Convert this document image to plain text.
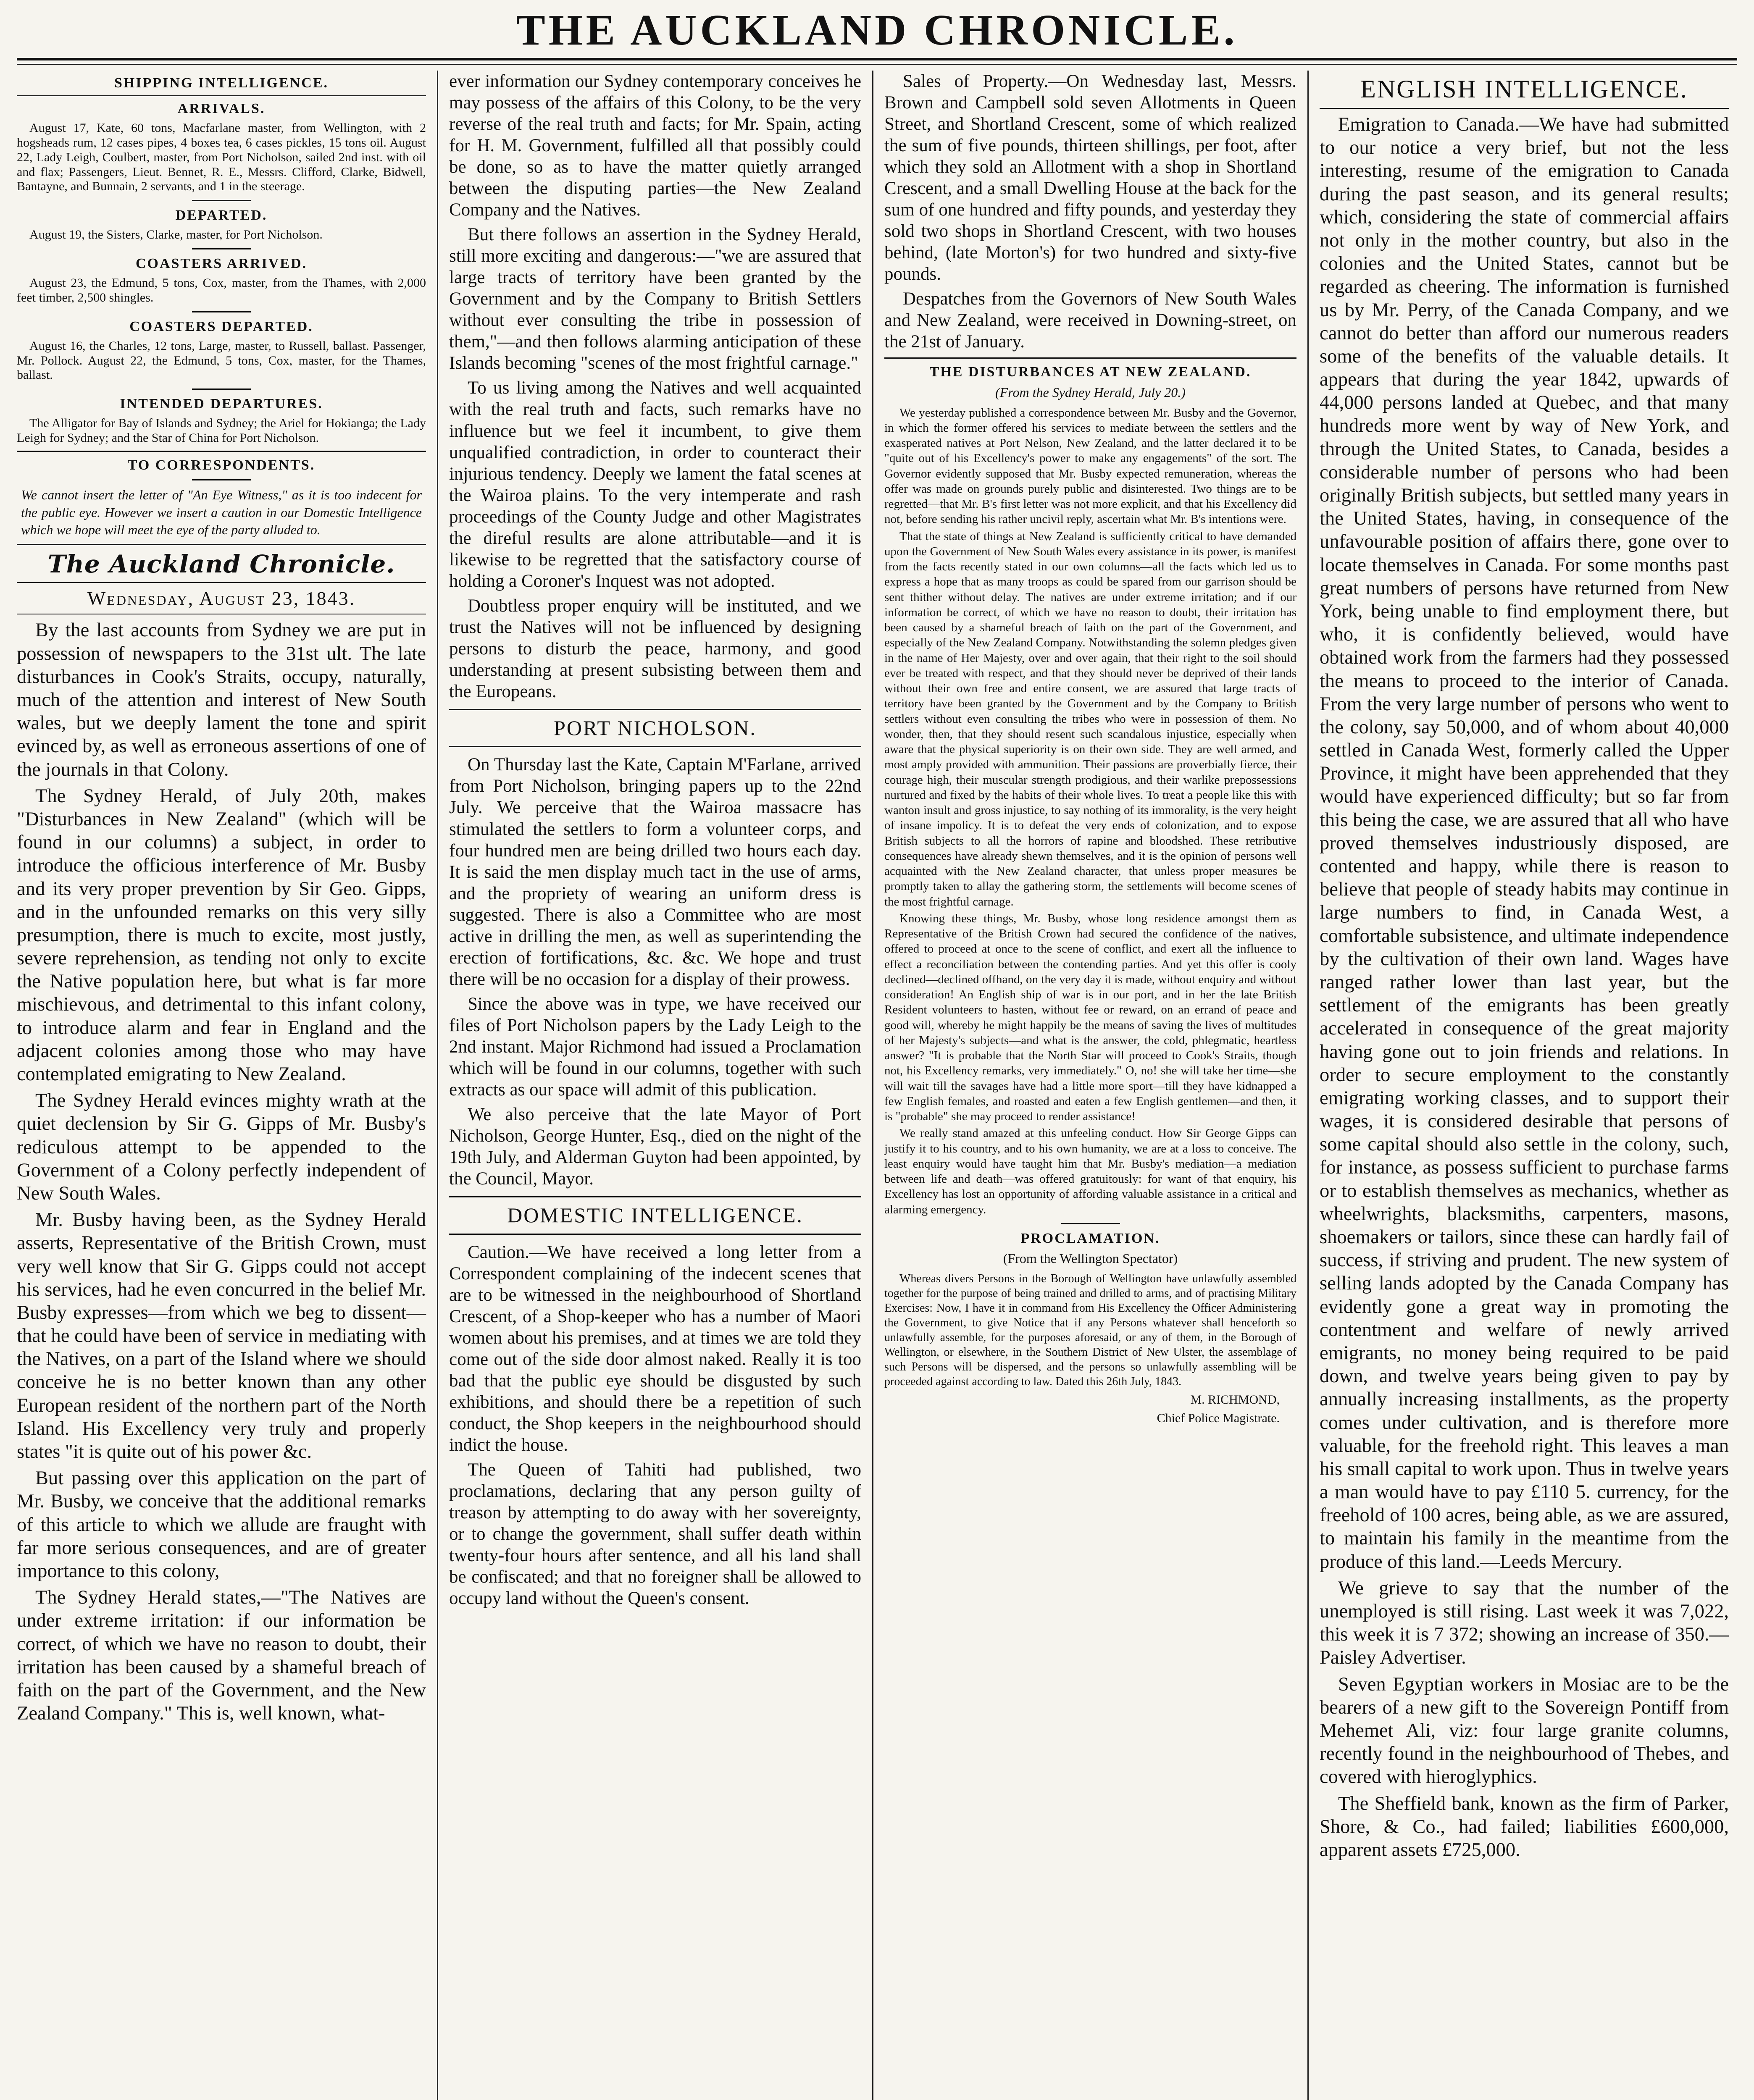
THE AUCKLAND CHRONICLE.
SHIPPING INTELLIGENCE.
ARRIVALS.

August 17, Kate, 60 tons, Macfarlane master, from Wellington, with 2 hogsheads rum, 12 cases pipes, 4 boxes tea, 6 cases pickles, 15 tons oil. August 22, Lady Leigh, Coulbert, master, from Port Nicholson, sailed 2nd inst. with oil and flax; Passengers, Lieut. Bennet, R. E., Messrs. Clifford, Clarke, Bidwell, Bantayne, and Bunnain, 2 servants, and 1 in the steerage.

DEPARTED.

August 19, the Sisters, Clarke, master, for Port Nicholson.

COASTERS ARRIVED.

August 23, the Edmund, 5 tons, Cox, master, from the Thames, with 2,000 feet timber, 2,500 shingles.

COASTERS DEPARTED.

August 16, the Charles, 12 tons, Large, master, to Russell, ballast. Passenger, Mr. Pollock. August 22, the Edmund, 5 tons, Cox, master, for the Thames, ballast.

INTENDED DEPARTURES.

The Alligator for Bay of Islands and Sydney; the Ariel for Hokianga; the Lady Leigh for Sydney; and the Star of China for Port Nicholson.

TO CORRESPONDENTS.

We cannot insert the letter of "An Eye Witness," as it is too indecent for the public eye. However we insert a caution in our Domestic Intelligence which we hope will meet the eye of the party alluded to.

The Auckland Chronicle.
Wednesday, August 23, 1843.

By the last accounts from Sydney we are put in possession of newspapers to the 31st ult. The late disturbances in Cook's Straits, occupy, naturally, much of the attention and interest of New South wales, but we deeply lament the tone and spirit evinced by, as well as erroneous assertions of one of the journals in that Colony.

The Sydney Herald, of July 20th, makes "Disturbances in New Zealand" (which will be found in our columns) a subject, in order to introduce the officious interference of Mr. Busby and its very proper prevention by Sir Geo. Gipps, and in the unfounded remarks on this very silly presumption, there is much to excite, most justly, severe reprehension, as tending not only to excite the Native population here, but what is far more mischievous, and detrimental to this infant colony, to introduce alarm and fear in England and the adjacent colonies among those who may have contemplated emigrating to New Zealand.

The Sydney Herald evinces mighty wrath at the quiet declension by Sir G. Gipps of Mr. Busby's rediculous attempt to be appended to the Government of a Colony perfectly independent of New South Wales.

Mr. Busby having been, as the Sydney Herald asserts, Representative of the British Crown, must very well know that Sir G. Gipps could not accept his services, had he even concurred in the belief Mr. Busby expresses—from which we beg to dissent—that he could have been of service in mediating with the Natives, on a part of the Island where we should conceive he is no better known than any other European resident of the northern part of the North Island. His Excellency very truly and properly states "it is quite out of his power &c.

But passing over this application on the part of Mr. Busby, we conceive that the additional remarks of this article to which we allude are fraught with far more serious consequences, and are of greater importance to this colony,

The Sydney Herald states,—"The Natives are under extreme irritation: if our information be correct, of which we have no reason to doubt, their irritation has been caused by a shameful breach of faith on the part of the Government, and the New Zealand Company." This is, well known, what-

ever information our Sydney contemporary conceives he may possess of the affairs of this Colony, to be the very reverse of the real truth and facts; for Mr. Spain, acting for H. M. Government, fulfilled all that possibly could be done, so as to have the matter quietly arranged between the disputing parties—the New Zealand Company and the Natives.

But there follows an assertion in the Sydney Herald, still more exciting and dangerous:—"we are assured that large tracts of territory have been granted by the Government and by the Company to British Settlers without ever consulting the tribe in possession of them,"—and then follows alarming anticipation of these Islands becoming "scenes of the most frightful carnage."

To us living among the Natives and well acquainted with the real truth and facts, such remarks have no influence but we feel it incumbent, to give them unqualified contradiction, in order to counteract their injurious tendency. Deeply we lament the fatal scenes at the Wairoa plains. To the very intemperate and rash proceedings of the County Judge and other Magistrates the direful results are alone attributable—and it is likewise to be regretted that the satisfactory course of holding a Coroner's Inquest was not adopted.

Doubtless proper enquiry will be instituted, and we trust the Natives will not be influenced by designing persons to disturb the peace, harmony, and good understanding at present subsisting between them and the Europeans.

PORT NICHOLSON.

On Thursday last the Kate, Captain M'Farlane, arrived from Port Nicholson, bringing papers up to the 22nd July. We perceive that the Wairoa massacre has stimulated the settlers to form a volunteer corps, and four hundred men are being drilled two hours each day. It is said the men display much tact in the use of arms, and the propriety of wearing an uniform dress is suggested. There is also a Committee who are most active in drilling the men, as well as superintending the erection of fortifications, &c. &c. We hope and trust there will be no occasion for a display of their prowess.

Since the above was in type, we have received our files of Port Nicholson papers by the Lady Leigh to the 2nd instant. Major Richmond had issued a Proclamation which will be found in our columns, together with such extracts as our space will admit of this publication.

We also perceive that the late Mayor of Port Nicholson, George Hunter, Esq., died on the night of the 19th July, and Alderman Guyton had been appointed, by the Council, Mayor.

DOMESTIC INTELLIGENCE.

Caution.—We have received a long letter from a Correspondent complaining of the indecent scenes that are to be witnessed in the neighbourhood of Shortland Crescent, of a Shop-keeper who has a number of Maori women about his premises, and at times we are told they come out of the side door almost naked. Really it is too bad that the public eye should be disgusted by such exhibitions, and should there be a repetition of such conduct, the Shop keepers in the neighbourhood should indict the house.

The Queen of Tahiti had published, two proclamations, declaring that any person guilty of treason by attempting to do away with her sovereignty, or to change the government, shall suffer death within twenty-four hours after sentence, and all his land shall be confiscated; and that no foreigner shall be allowed to occupy land without the Queen's consent.

Sales of Property.—On Wednesday last, Messrs. Brown and Campbell sold seven Allotments in Queen Street, and Shortland Crescent, some of which realized the sum of five pounds, thirteen shillings, per foot, after which they sold an Allotment with a shop in Shortland Crescent, and a small Dwelling House at the back for the sum of one hundred and fifty pounds, and yesterday they sold two shops in Shortland Crescent, with two houses behind, (late Morton's) for two hundred and sixty-five pounds.

Despatches from the Governors of New South Wales and New Zealand, were received in Downing-street, on the 21st of January.

THE DISTURBANCES AT NEW ZEALAND.
(From the Sydney Herald, July 20.)

We yesterday published a correspondence between Mr. Busby and the Governor, in which the former offered his services to mediate between the settlers and the exasperated natives at Port Nelson, New Zealand, and the latter declared it to be "quite out of his Excellency's power to make any engagements" of the sort. The Governor evidently supposed that Mr. Busby expected remuneration, whereas the offer was made on grounds purely public and disinterested. Two things are to be regretted—that Mr. B's first letter was not more explicit, and that his Excellency did not, before sending his rather uncivil reply, ascertain what Mr. B's intentions were.

That the state of things at New Zealand is sufficiently critical to have demanded upon the Government of New South Wales every assistance in its power, is manifest from the facts recently stated in our own columns—all the facts which led us to express a hope that as many troops as could be spared from our garrison should be sent thither without delay. The natives are under extreme irritation; and if our information be correct, of which we have no reason to doubt, their irritation has been caused by a shameful breach of faith on the part of the Government, and especially of the New Zealand Company. Notwithstanding the solemn pledges given in the name of Her Majesty, over and over again, that their right to the soil should ever be treated with respect, and that they should never be deprived of their lands without their own free and entire consent, we are assured that large tracts of territory have been granted by the Government and by the Company to British settlers without even consulting the tribes who were in possession of them. No wonder, then, that they should resent such scandalous injustice, especially when aware that the physical superiority is on their own side. They are well armed, and most amply provided with ammunition. Their passions are proverbially fierce, their courage high, their muscular strength prodigious, and their warlike prepossessions nurtured and fixed by the habits of their whole lives. To treat a people like this with wanton insult and gross injustice, to say nothing of its immorality, is the very height of insane impolicy. It is to defeat the very ends of colonization, and to expose British subjects to all the horrors of rapine and bloodshed. These retributive consequences have already shewn themselves, and it is the opinion of persons well acquainted with the New Zealand character, that unless proper measures be promptly taken to allay the gathering storm, the settlements will become scenes of the most frightful carnage.

Knowing these things, Mr. Busby, whose long residence amongst them as Representative of the British Crown had secured the confidence of the natives, offered to proceed at once to the scene of conflict, and exert all the influence to effect a reconciliation between the contending parties. And yet this offer is cooly declined—declined offhand, on the very day it is made, without enquiry and without consideration! An English ship of war is in our port, and in her the late British Resident volunteers to hasten, without fee or reward, on an errand of peace and good will, whereby he might happily be the means of saving the lives of multitudes of her Majesty's subjects—and what is the answer, the cold, phlegmatic, heartless answer? "It is probable that the North Star will proceed to Cook's Straits, though not, his Excellency remarks, very immediately." O, no! she will take her time—she will wait till the savages have had a little more sport—till they have kidnapped a few English females, and roasted and eaten a few English gentlemen—and then, it is "probable" she may proceed to render assistance!

We really stand amazed at this unfeeling conduct. How Sir George Gipps can justify it to his country, and to his own humanity, we are at a loss to conceive. The least enquiry would have taught him that Mr. Busby's mediation—a mediation between life and death—was offered gratuitously: for want of that enquiry, his Excellency has lost an opportunity of affording valuable assistance in a critical and alarming emergency.

PROCLAMATION.
(From the Wellington Spectator)

Whereas divers Persons in the Borough of Wellington have unlawfully assembled together for the purpose of being trained and drilled to arms, and of practising Military Exercises: Now, I have it in command from His Excellency the Officer Administering the Government, to give Notice that if any Persons whatever shall henceforth so unlawfully assemble, for the purposes aforesaid, or any of them, in the Borough of Wellington, or elsewhere, in the Southern District of New Ulster, the assemblage of such Persons will be dispersed, and the persons so unlawfully assembling will be proceeded against according to law. Dated this 26th July, 1843.

M. RICHMOND,
Chief Police Magistrate.
ENGLISH INTELLIGENCE.

Emigration to Canada.—We have had submitted to our notice a very brief, but not the less interesting, resume of the emigration to Canada during the past season, and its general results; which, considering the state of commercial affairs not only in the mother country, but also in the colonies and the United States, cannot but be regarded as cheering. The information is furnished us by Mr. Perry, of the Canada Company, and we cannot do better than afford our numerous readers some of the benefits of the valuable details. It appears that during the year 1842, upwards of 44,000 persons landed at Quebec, and that many hundreds more went by way of New York, and through the United States, to Canada, besides a considerable number of persons who had been originally British subjects, but settled many years in the United States, having, in consequence of the unfavourable position of affairs there, gone over to locate themselves in Canada. For some months past great numbers of persons have returned from New York, being unable to find employment there, but who, it is confidently believed, would have obtained work from the farmers had they possessed the means to proceed to the interior of Canada. From the very large number of persons who went to the colony, say 50,000, and of whom about 40,000 settled in Canada West, formerly called the Upper Province, it might have been apprehended that they would have experienced difficulty; but so far from this being the case, we are assured that all who have proved themselves industriously disposed, are contented and happy, while there is reason to believe that people of steady habits may continue in large numbers to find, in Canada West, a comfortable subsistence, and ultimate independence by the cultivation of their own land. Wages have ranged rather lower than last year, but the settlement of the emigrants has been greatly accelerated in consequence of the great majority having gone out to join friends and relations. In order to secure employment to the constantly emigrating working classes, and to support their wages, it is considered desirable that persons of some capital should also settle in the colony, such, for instance, as possess sufficient to purchase farms or to establish themselves as mechanics, whether as wheelwrights, blacksmiths, carpenters, masons, shoemakers or tailors, since these can hardly fail of success, if striving and prudent. The new system of selling lands adopted by the Canada Company has evidently gone a great way in promoting the contentment and welfare of newly arrived emigrants, no money being required to be paid down, and twelve years being given to pay by annually increasing installments, as the property comes under cultivation, and is therefore more valuable, for the freehold right. This leaves a man his small capital to work upon. Thus in twelve years a man would have to pay £110 5. currency, for the freehold of 100 acres, being able, as we are assured, to maintain his family in the meantime from the produce of this land.—Leeds Mercury.

We grieve to say that the number of the unemployed is still rising. Last week it was 7,022, this week it is 7 372; showing an increase of 350.—Paisley Advertiser.

Seven Egyptian workers in Mosiac are to be the bearers of a new gift to the Sovereign Pontiff from Mehemet Ali, viz: four large granite columns, recently found in the neighbourhood of Thebes, and covered with hieroglyphics.

The Sheffield bank, known as the firm of Parker, Shore, & Co., had failed; liabilities £600,000, apparent assets £725,000.
